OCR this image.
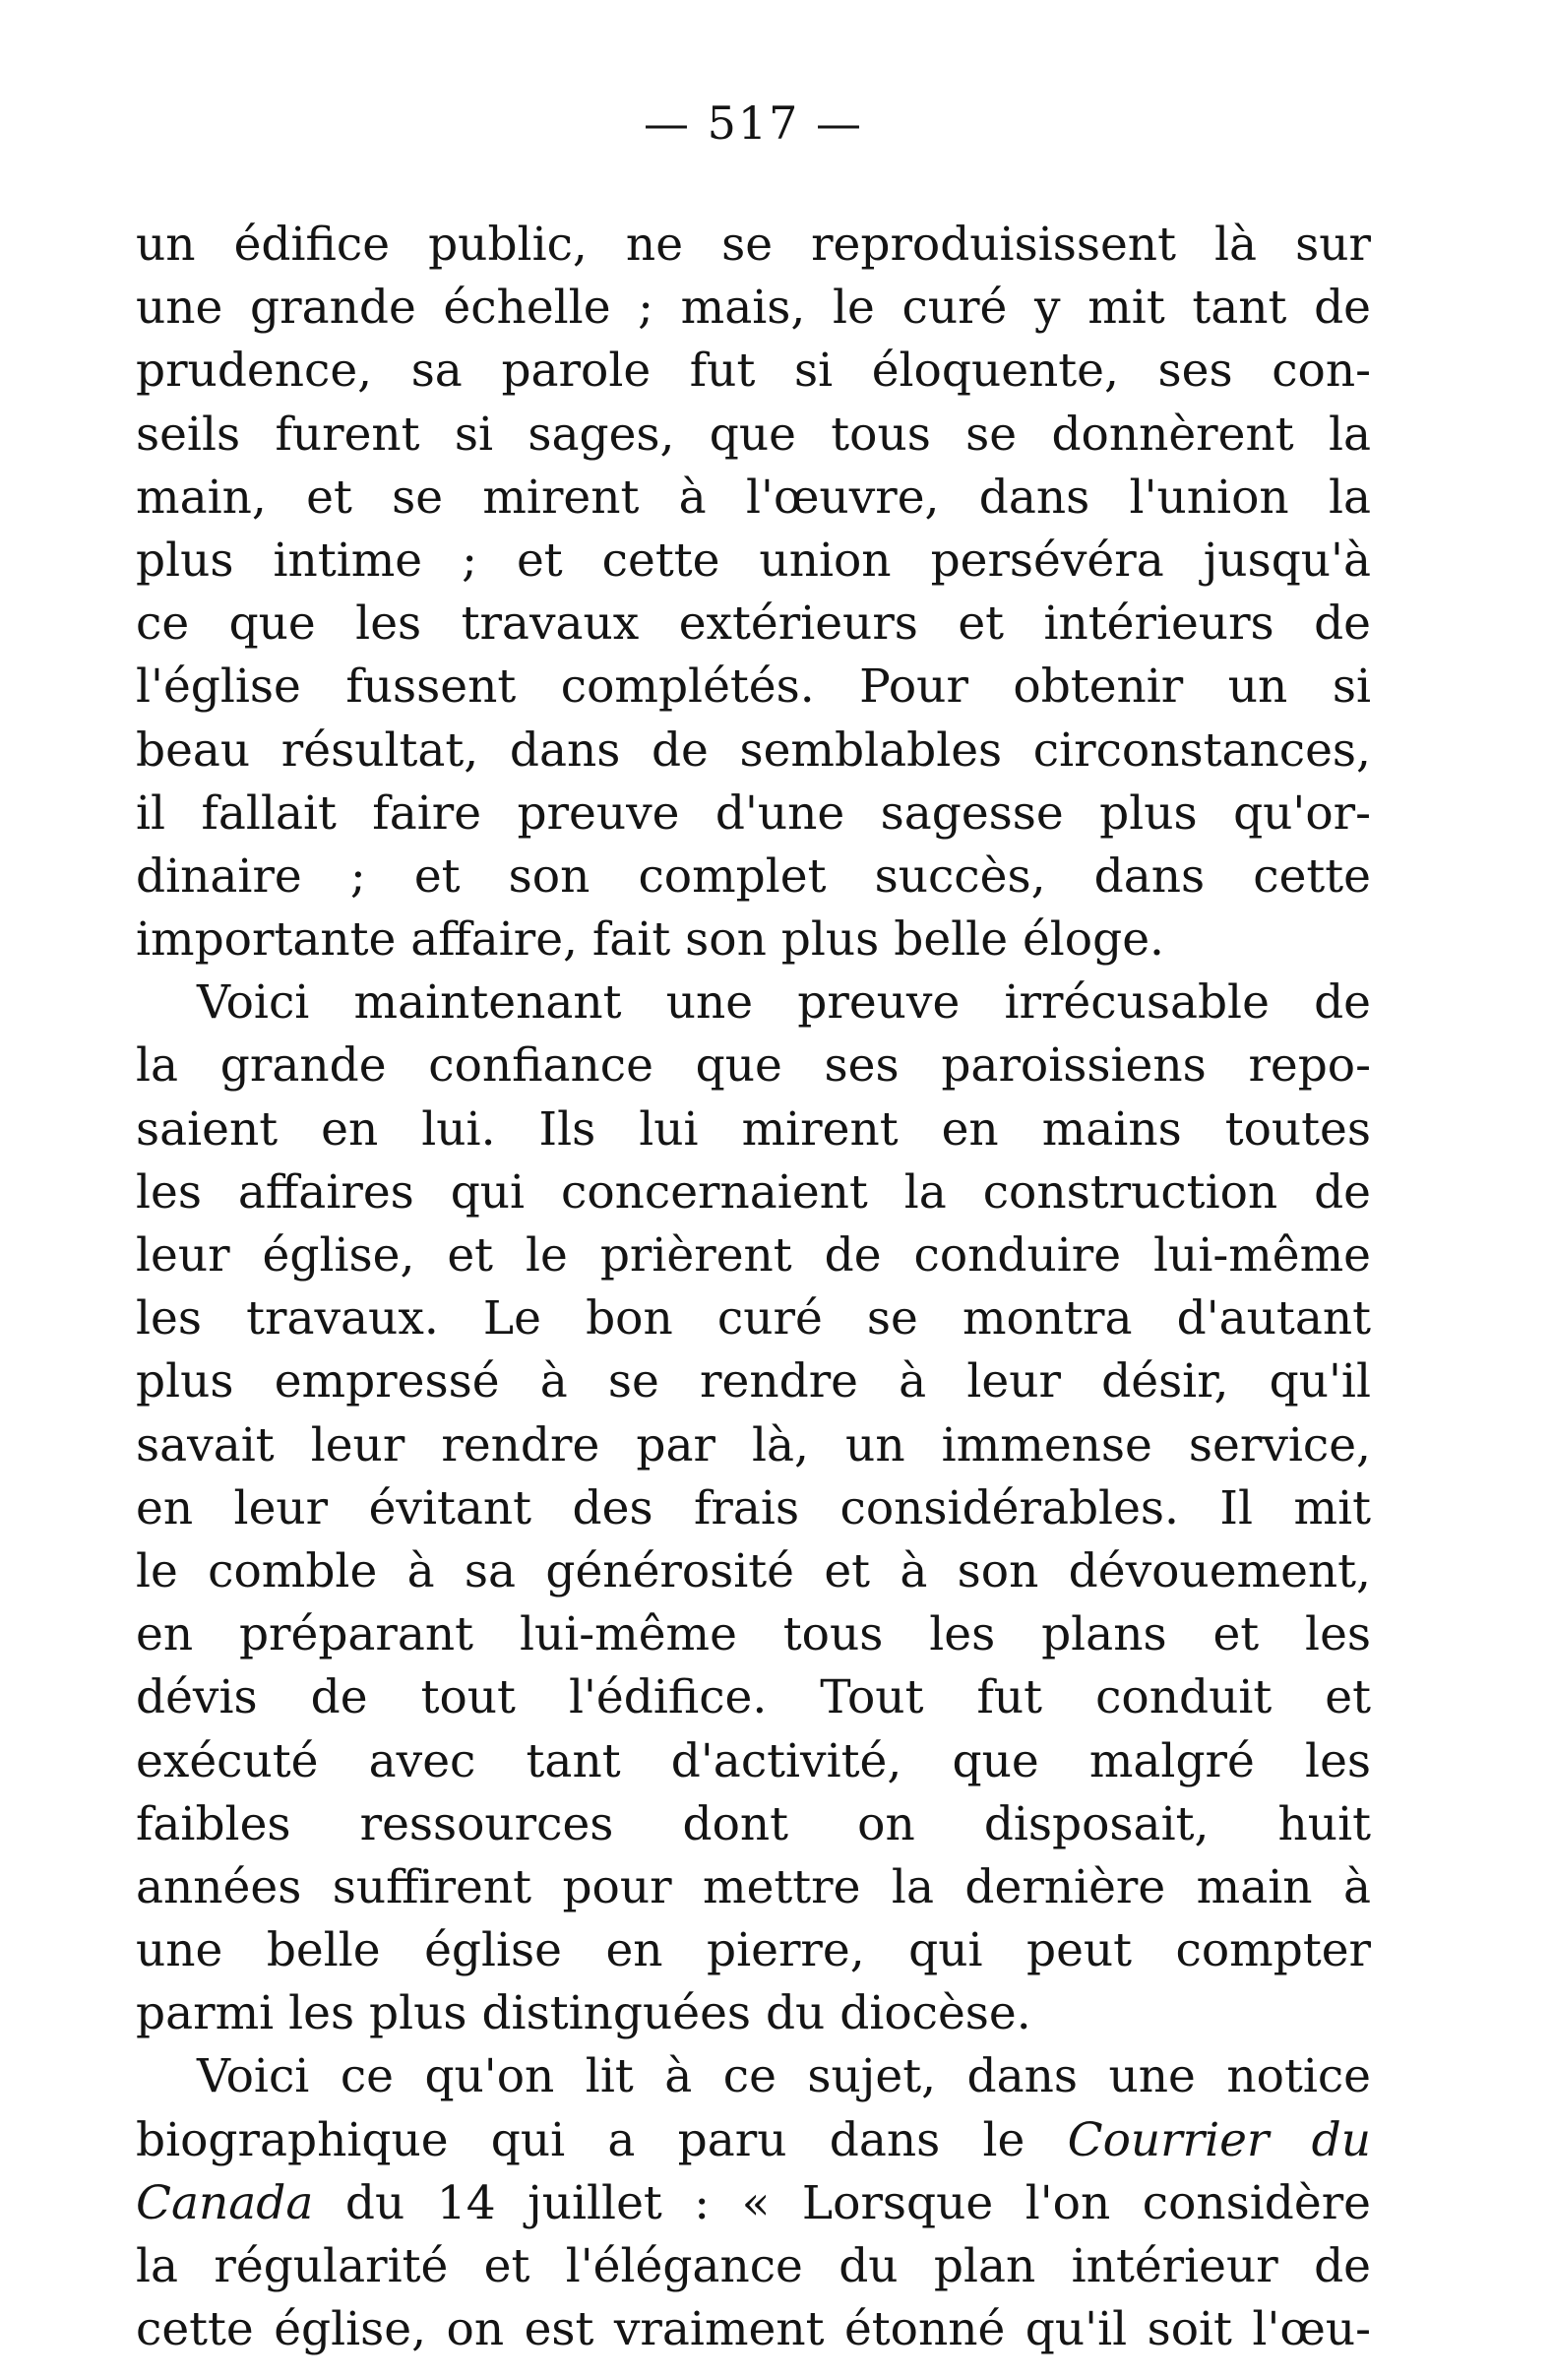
— 517 —
un édifice public, ne se reproduisissent là sur
une grande échelle ; mais, le curé y mit tant de
prudence, sa parole fut si éloquente, ses con-
seils furent si sages, que tous se donnèrent la
main, et se mirent à l'œuvre, dans l'union la
plus intime ; et cette union persévéra jusqu'à
ce que les travaux extérieurs et intérieurs de
l'église fussent complétés. Pour obtenir un si
beau résultat, dans de semblables circonstances,
il fallait faire preuve d'une sagesse plus qu'or-
dinaire ; et son complet succès, dans cette
importante affaire, fait son plus belle éloge.
Voici maintenant une preuve irrécusable de
la grande confiance que ses paroissiens repo-
saient en lui. Ils lui mirent en mains toutes
les affaires qui concernaient la construction de
leur église, et le prièrent de conduire lui-même
les travaux. Le bon curé se montra d'autant
plus empressé à se rendre à leur désir, qu'il
savait leur rendre par là, un immense service,
en leur évitant des frais considérables. Il mit
le comble à sa générosité et à son dévouement,
en préparant lui-même tous les plans et les
dévis de tout l'édifice. Tout fut conduit et
exécuté avec tant d'activité, que malgré les
faibles ressources dont on disposait, huit
années suffirent pour mettre la dernière main à
une belle église en pierre, qui peut compter
parmi les plus distinguées du diocèse.
Voici ce qu'on lit à ce sujet, dans une notice
biographique qui a paru dans le Courrier du
Canada du 14 juillet : « Lorsque l'on considère
la régularité et l'élégance du plan intérieur de
cette église, on est vraiment étonné qu'il soit l'œu-
